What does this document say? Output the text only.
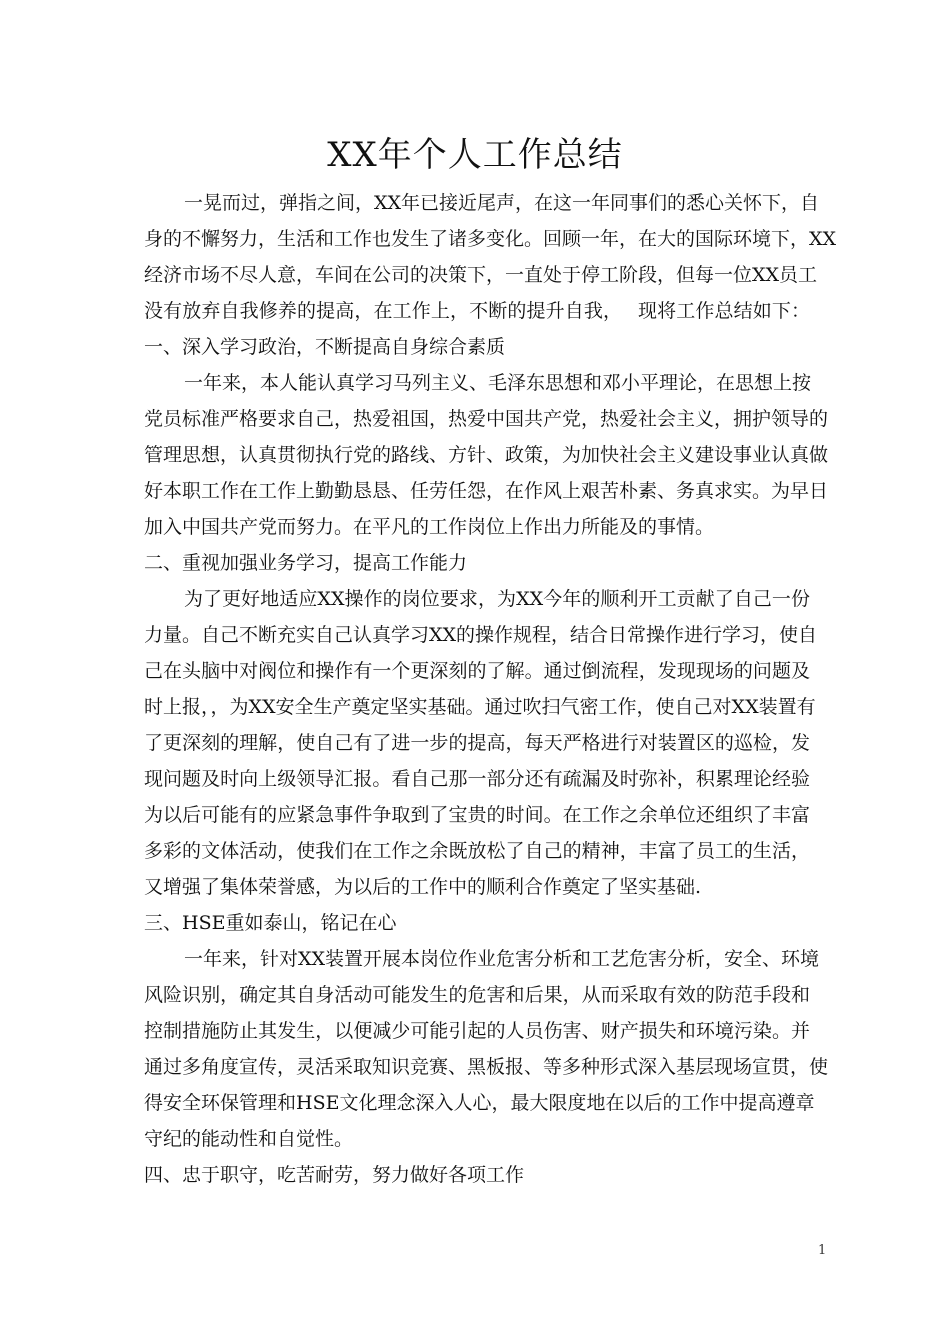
XX年个人工作总结
一晃而过，弹指之间，XX年已接近尾声，在这一年同事们的悉心关怀下，自
身的不懈努力，生活和工作也发生了诸多变化。回顾一年，在大的国际环境下，XX
经济市场不尽人意，车间在公司的决策下，一直处于停工阶段，但每一位XX员工
没有放弃自我修养的提高，在工作上，不断的提升自我，　 现将工作总结如下：
一、深入学习政治，不断提高自身综合素质
一年来，本人能认真学习马列主义、毛泽东思想和邓小平理论，在思想上按
党员标准严格要求自己，热爱祖国，热爱中国共产党，热爱社会主义，拥护领导的
管理思想，认真贯彻执行党的路线、方针、政策，为加快社会主义建设事业认真做
好本职工作在工作上勤勤恳恳、任劳任怨，在作风上艰苦朴素、务真求实。为早日
加入中国共产党而努力。在平凡的工作岗位上作出力所能及的事情。
二、重视加强业务学习，提高工作能力
为了更好地适应XX操作的岗位要求，为XX今年的顺利开工贡献了自己一份
力量。自己不断充实自己认真学习XX的操作规程，结合日常操作进行学习，使自
己在头脑中对阀位和操作有一个更深刻的了解。通过倒流程，发现现场的问题及
时上报，，为XX安全生产奠定坚实基础。通过吹扫气密工作，使自己对XX装置有
了更深刻的理解，使自己有了进一步的提高，每天严格进行对装置区的巡检，发
现问题及时向上级领导汇报。看自己那一部分还有疏漏及时弥补，积累理论经验
为以后可能有的应紧急事件争取到了宝贵的时间。在工作之余单位还组织了丰富
多彩的文体活动，使我们在工作之余既放松了自己的精神，丰富了员工的生活，
又增强了集体荣誉感，为以后的工作中的顺利合作奠定了坚实基础.
三、HSE重如泰山，铭记在心
一年来，针对XX装置开展本岗位作业危害分析和工艺危害分析，安全、环境
风险识别，确定其自身活动可能发生的危害和后果，从而采取有效的防范手段和
控制措施防止其发生，以便减少可能引起的人员伤害、财产损失和环境污染。并
通过多角度宣传，灵活采取知识竞赛、黑板报、等多种形式深入基层现场宣贯，使
得安全环保管理和HSE文化理念深入人心，最大限度地在以后的工作中提高遵章
守纪的能动性和自觉性。
四、忠于职守，吃苦耐劳，努力做好各项工作
1
